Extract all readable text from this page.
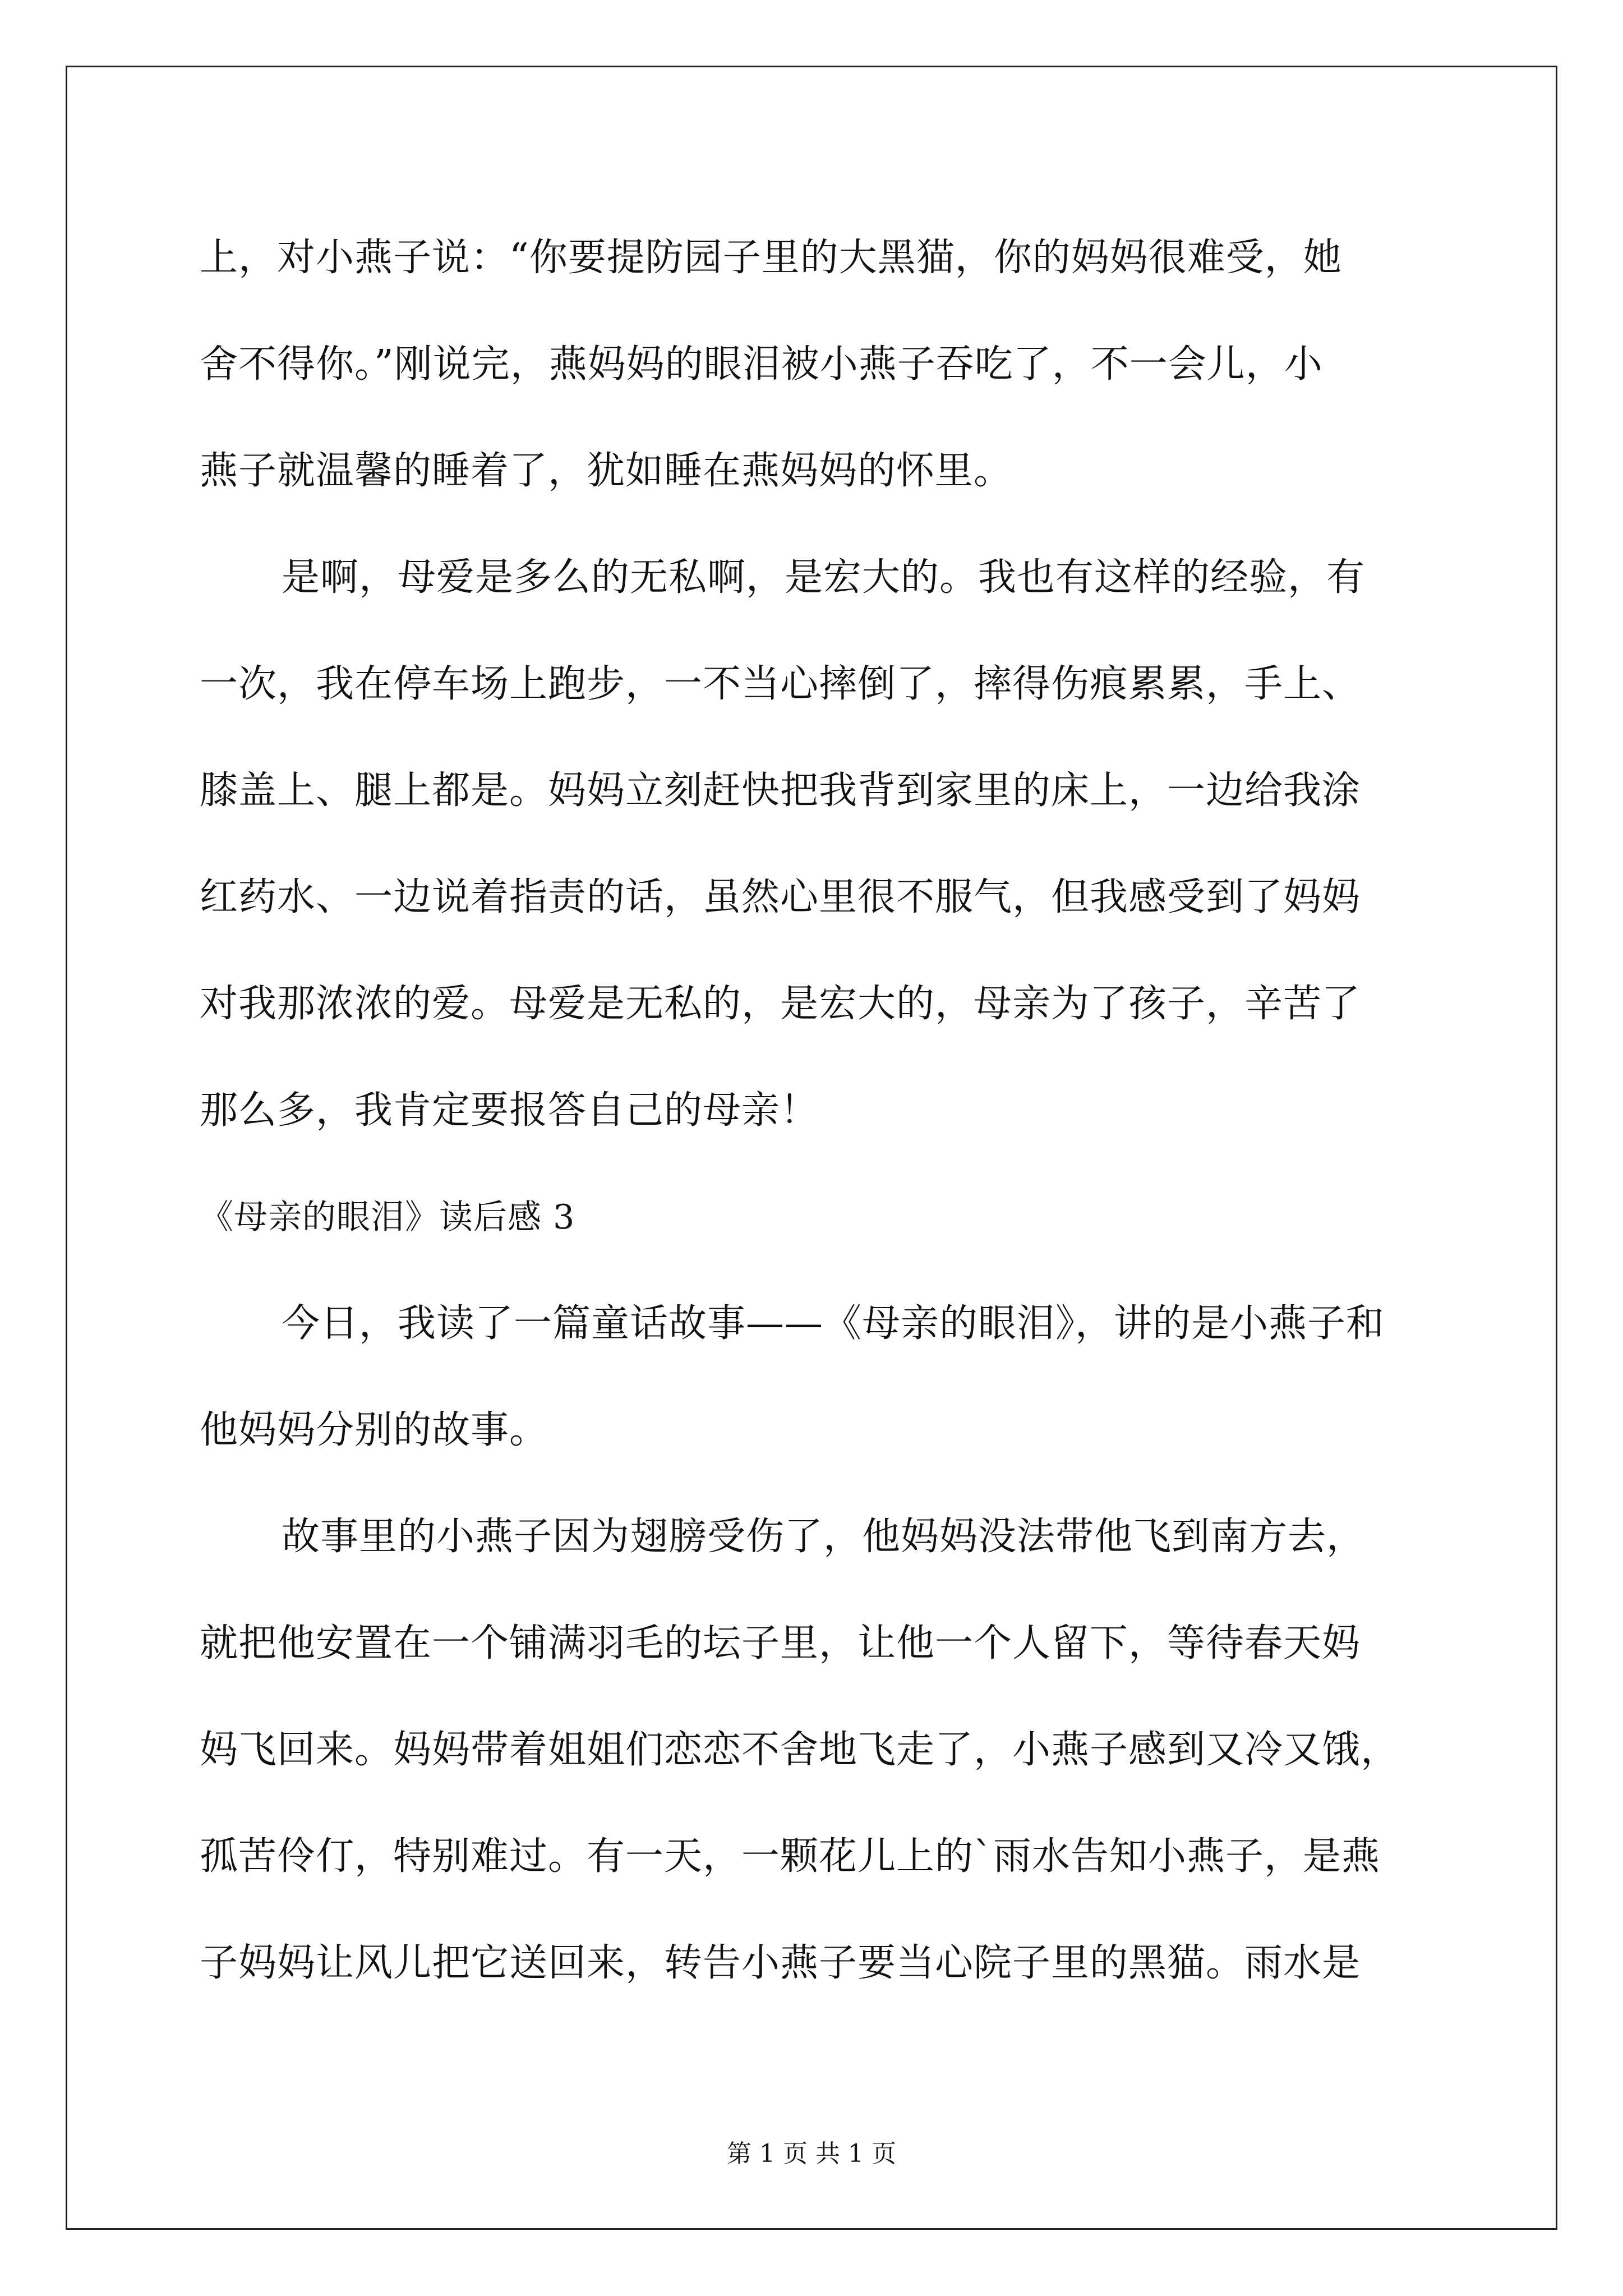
上，对小燕子说：“你要提防园子里的大黑猫，你的妈妈很难受，她
舍不得你。”刚说完，燕妈妈的眼泪被小燕子吞吃了，不一会儿，小
燕子就温馨的睡着了，犹如睡在燕妈妈的怀里。
是啊，母爱是多么的无私啊，是宏大的。我也有这样的经验，有
一次，我在停车场上跑步，一不当心摔倒了，摔得伤痕累累，手上、
膝盖上、腿上都是。妈妈立刻赶快把我背到家里的床上，一边给我涂
红药水、一边说着指责的话，虽然心里很不服气，但我感受到了妈妈
对我那浓浓的爱。母爱是无私的，是宏大的，母亲为了孩子，辛苦了
那么多，我肯定要报答自己的母亲！
《母亲的眼泪》读后感 3
今日，我读了一篇童话故事——《母亲的眼泪》，讲的是小燕子和
他妈妈分别的故事。
故事里的小燕子因为翅膀受伤了，他妈妈没法带他飞到南方去，
就把他安置在一个铺满羽毛的坛子里，让他一个人留下，等待春天妈
妈飞回来。妈妈带着姐姐们恋恋不舍地飞走了，小燕子感到又冷又饿，
孤苦伶仃，特别难过。有一天，一颗花儿上的`雨水告知小燕子，是燕
子妈妈让风儿把它送回来，转告小燕子要当心院子里的黑猫。雨水是
第 1 页 共 1 页
